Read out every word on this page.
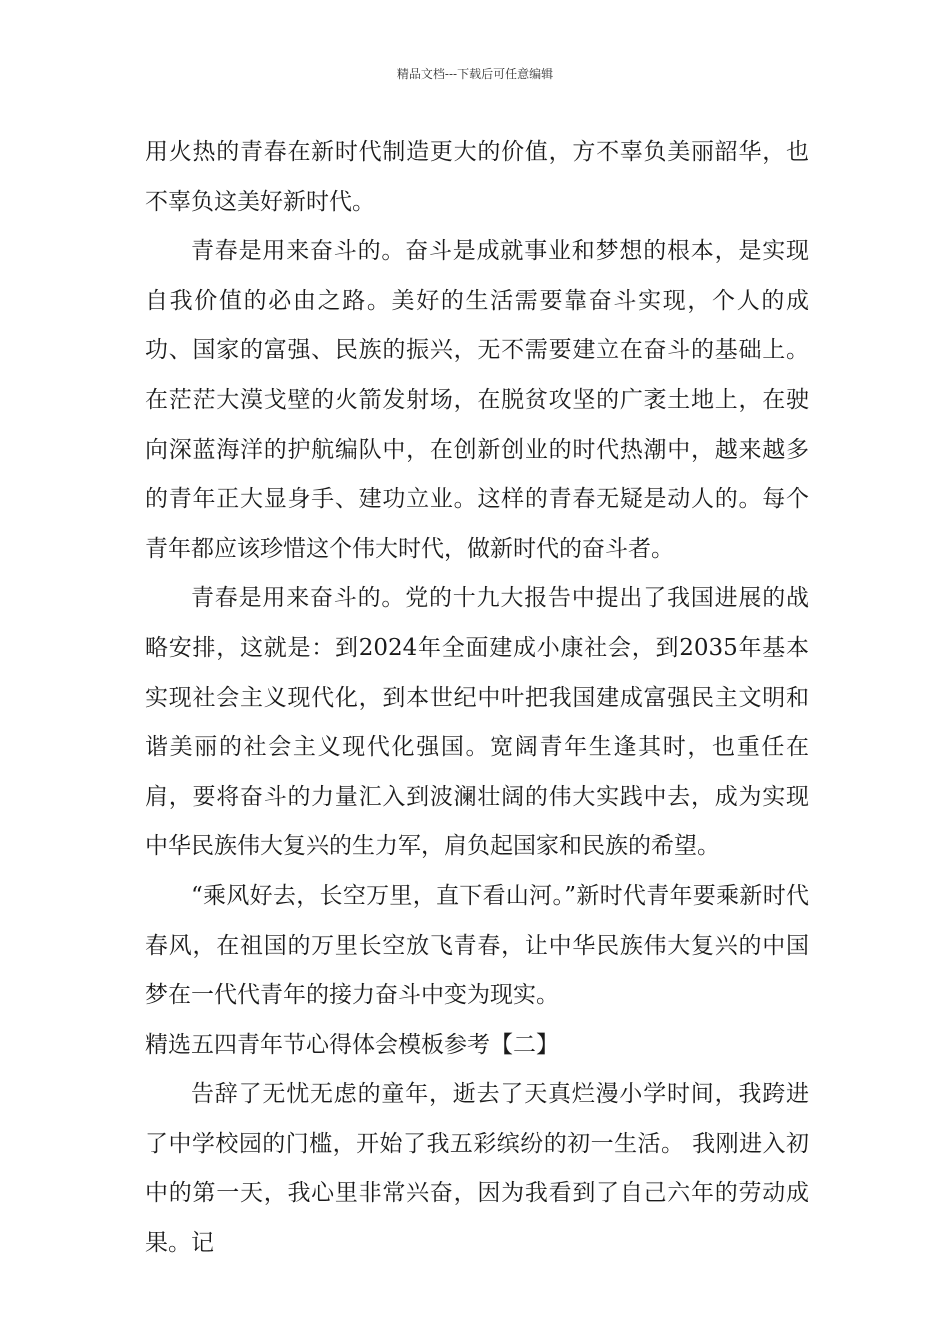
精品文档---下载后可任意编辑

用火热的青春在新时代制造更大的价值，方不辜负美丽韶华，也不辜负这美好新时代。

青春是用来奋斗的。奋斗是成就事业和梦想的根本，是实现自我价值的必由之路。美好的生活需要靠奋斗实现，个人的成功、国家的富强、民族的振兴，无不需要建立在奋斗的基础上。在茫茫大漠戈壁的火箭发射场，在脱贫攻坚的广袤土地上，在驶向深蓝海洋的护航编队中，在创新创业的时代热潮中，越来越多的青年正大显身手、建功立业。这样的青春无疑是动人的。每个青年都应该珍惜这个伟大时代，做新时代的奋斗者。

青春是用来奋斗的。党的十九大报告中提出了我国进展的战略安排，这就是：到2024年全面建成小康社会，到2035年基本实现社会主义现代化，到本世纪中叶把我国建成富强民主文明和谐美丽的社会主义现代化强国。宽阔青年生逢其时，也重任在肩，要将奋斗的力量汇入到波澜壮阔的伟大实践中去，成为实现中华民族伟大复兴的生力军，肩负起国家和民族的希望。

“乘风好去，长空万里，直下看山河。”新时代青年要乘新时代春风，在祖国的万里长空放飞青春，让中华民族伟大复兴的中国梦在一代代青年的接力奋斗中变为现实。

精选五四青年节心得体会模板参考【二】

告辞了无忧无虑的童年，逝去了天真烂漫小学时间，我跨进了中学校园的门槛，开始了我五彩缤纷的初一生活。 我刚进入初中的第一天，我心里非常兴奋，因为我看到了自己六年的劳动成果。记
